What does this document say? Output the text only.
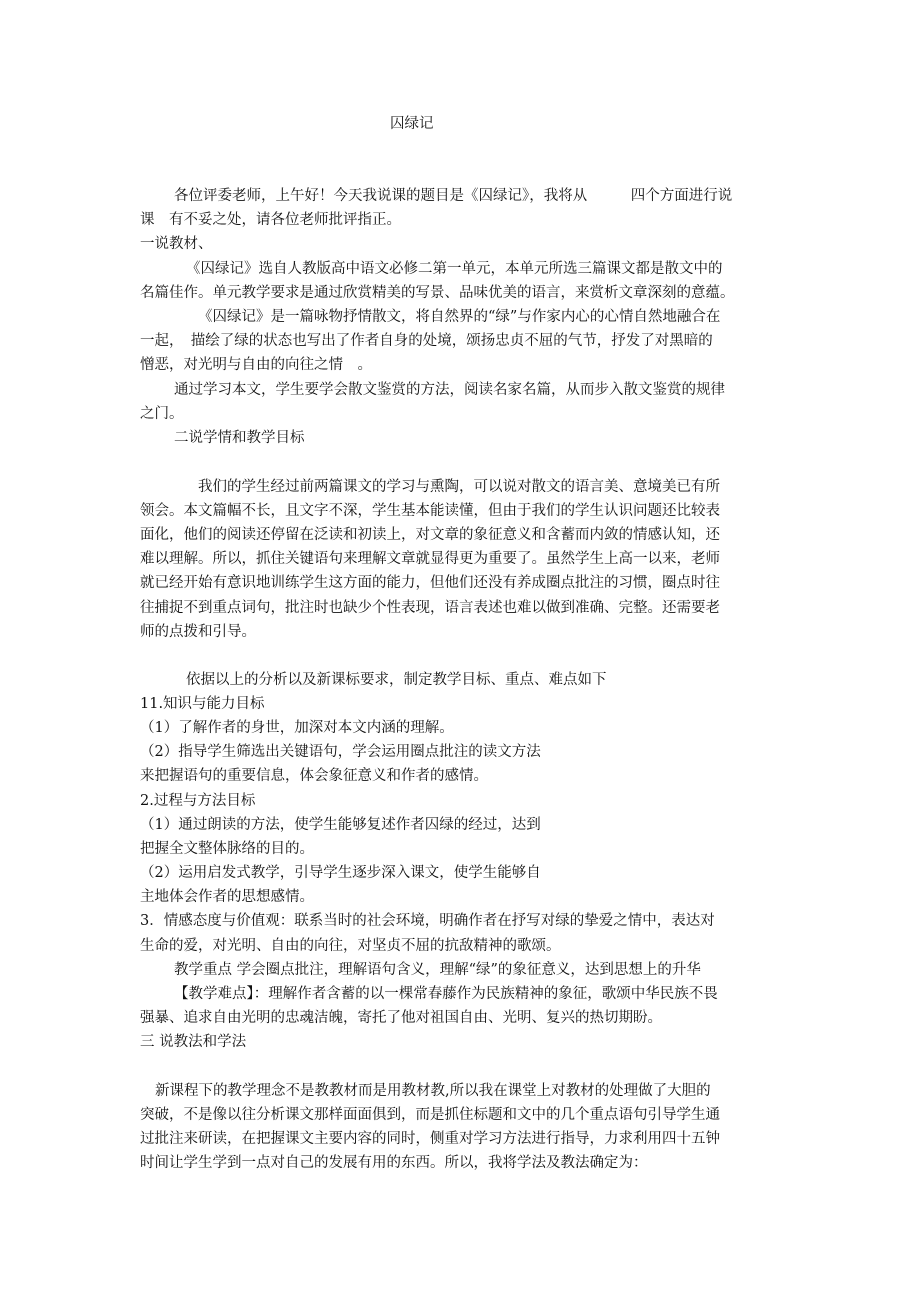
囚绿记

各位评委老师，上午好！今天我说课的题目是《囚绿记》，我将从　　　四个方面进行说

课　有不妥之处，请各位老师批评指正。

一说教材、

《囚绿记》选自人教版高中语文必修二第一单元，本单元所选三篇课文都是散文中的

名篇佳作。单元教学要求是通过欣赏精美的写景、品味优美的语言，来赏析文章深刻的意蕴。

《囚绿记》是一篇咏物抒情散文，将自然界的“绿”与作家内心的心情自然地融合在

一起，　描绘了绿的状态也写出了作者自身的处境，颂扬忠贞不屈的气节，抒发了对黑暗的

憎恶，对光明与自由的向往之情　。

通过学习本文，学生要学会散文鉴赏的方法，阅读名家名篇，从而步入散文鉴赏的规律

之门。

二说学情和教学目标

我们的学生经过前两篇课文的学习与熏陶，可以说对散文的语言美、意境美已有所

领会。本文篇幅不长，且文字不深，学生基本能读懂，但由于我们的学生认识问题还比较表

面化，他们的阅读还停留在泛读和初读上，对文章的象征意义和含蓄而内敛的情感认知，还

难以理解。所以，抓住关键语句来理解文章就显得更为重要了。虽然学生上高一以来，老师

就已经开始有意识地训练学生这方面的能力，但他们还没有养成圈点批注的习惯，圈点时往

往捕捉不到重点词句，批注时也缺少个性表现，语言表述也难以做到准确、完整。还需要老

师的点拨和引导。

依据以上的分析以及新课标要求，制定教学目标、重点、难点如下

11.知识与能力目标

（1）了解作者的身世，加深对本文内涵的理解。

（2）指导学生筛选出关键语句，学会运用圈点批注的读文方法

来把握语句的重要信息，体会象征意义和作者的感情。

2.过程与方法目标

（1）通过朗读的方法，使学生能够复述作者囚绿的经过，达到

把握全文整体脉络的目的。

（2）运用启发式教学，引导学生逐步深入课文，使学生能够自

主地体会作者的思想感情。

3．情感态度与价值观：联系当时的社会环境，明确作者在抒写对绿的挚爱之情中，表达对

生命的爱，对光明、自由的向往，对坚贞不屈的抗敌精神的歌颂。

教学重点 学会圈点批注，理解语句含义，理解“绿”的象征意义，达到思想上的升华

【教学难点】：理解作者含蓄的以一棵常春藤作为民族精神的象征，歌颂中华民族不畏

强暴、追求自由光明的忠魂洁魄，寄托了他对祖国自由、光明、复兴的热切期盼。

三 说教法和学法

新课程下的教学理念不是教教材而是用教材教,所以我在课堂上对教材的处理做了大胆的

突破，不是像以往分析课文那样面面俱到，而是抓住标题和文中的几个重点语句引导学生通

过批注来研读，在把握课文主要内容的同时，侧重对学习方法进行指导，力求利用四十五钟

时间让学生学到一点对自己的发展有用的东西。所以，我将学法及教法确定为：
